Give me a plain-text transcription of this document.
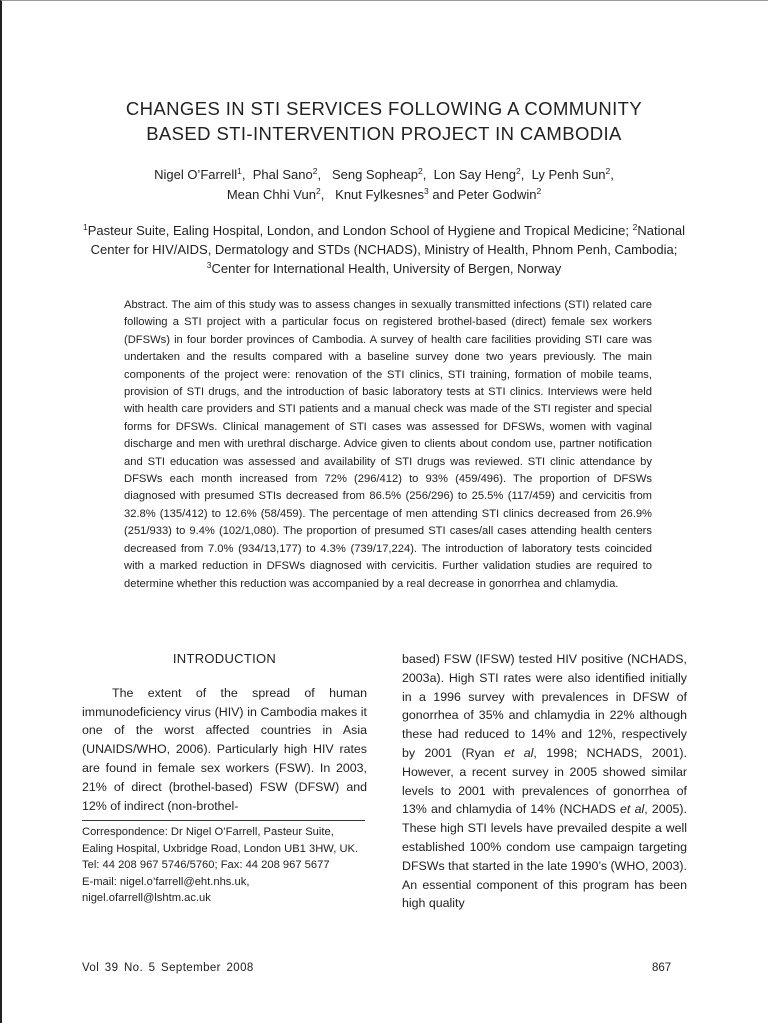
CHANGES IN STI SERVICES FOLLOWING A COMMUNITY
BASED STI-INTERVENTION PROJECT IN CAMBODIA
Nigel O’Farrell$^1$,  Phal Sano$^2$,   Seng Sopheap$^2$,  Lon Say Heng$^2$,  Ly Penh Sun$^2$,
Mean Chhi Vun$^2$,   Knut Fylkesnes$^3$ and Peter Godwin$^2$
$^1$Pasteur Suite, Ealing Hospital, London, and London School of Hygiene and Tropical Medicine; $^2$National Center for HIV/AIDS, Dermatology and STDs (NCHADS), Ministry of Health, Phnom Penh, Cambodia; $^3$Center for International Health, University of Bergen, Norway

Abstract. The aim of this study was to assess changes in sexually transmitted infections (STI) related care following a STI project with a particular focus on registered brothel-based (direct) female sex workers (DFSWs) in four border provinces of Cambodia. A survey of health care facilities providing STI care was undertaken and the results compared with a baseline survey done two years previously. The main components of the project were: renovation of the STI clinics, STI training, formation of mobile teams, provision of STI drugs, and the introduction of basic laboratory tests at STI clinics. Interviews were held with health care providers and STI patients and a manual check was made of the STI register and special forms for DFSWs. Clinical management of STI cases was assessed for DFSWs, women with vaginal discharge and men with urethral discharge. Advice given to clients about condom use, partner notification and STI education was assessed and availability of STI drugs was reviewed. STI clinic attendance by DFSWs each month increased from 72% (296/412) to 93% (459/496). The proportion of DFSWs diagnosed with presumed STIs decreased from 86.5% (256/296) to 25.5% (117/459) and cervicitis from 32.8% (135/412) to 12.6% (58/459). The percentage of men attending STI clinics decreased from 26.9% (251/933) to 9.4% (102/1,080). The proportion of presumed STI cases/all cases attending health centers decreased from 7.0% (934/13,177) to 4.3% (739/17,224). The introduction of laboratory tests coincided with a marked reduction in DFSWs diagnosed with cervicitis. Further validation studies are required to determine whether this reduction was accompanied by a real decrease in gonorrhea and chlamydia.

INTRODUCTION

The extent of the spread of human immunodeficiency virus (HIV) in Cambodia makes it one of the worst affected countries in Asia (UNAIDS/WHO, 2006). Particularly high HIV rates are found in female sex workers (FSW). In 2003, 21% of direct (brothel-based) FSW (DFSW) and 12% of indirect (non-brothel-

Correspondence: Dr Nigel O’Farrell, Pasteur Suite, Ealing Hospital, Uxbridge Road, London UB1 3HW, UK.
Tel: 44 208 967 5746/5760; Fax: 44 208 967 5677
E-mail: nigel.o’farrell@eht.nhs.uk, nigel.ofarrell@lshtm.ac.uk

based) FSW (IFSW) tested HIV positive (NCHADS, 2003a). High STI rates were also identified initially in a 1996 survey with prevalences in DFSW of gonorrhea of 35% and chlamydia in 22% although these had reduced to 14% and 12%, respectively by 2001 (Ryan et al, 1998; NCHADS, 2001). However, a recent survey in 2005 showed similar levels to 2001 with prevalences of gonorrhea of 13% and chlamydia of 14% (NCHADS et al, 2005). These high STI levels have prevailed despite a well established 100% condom use campaign targeting DFSWs that started in the late 1990’s (WHO, 2003). An essential component of this program has been high quality

Vol 39 No. 5 September 2008	867
